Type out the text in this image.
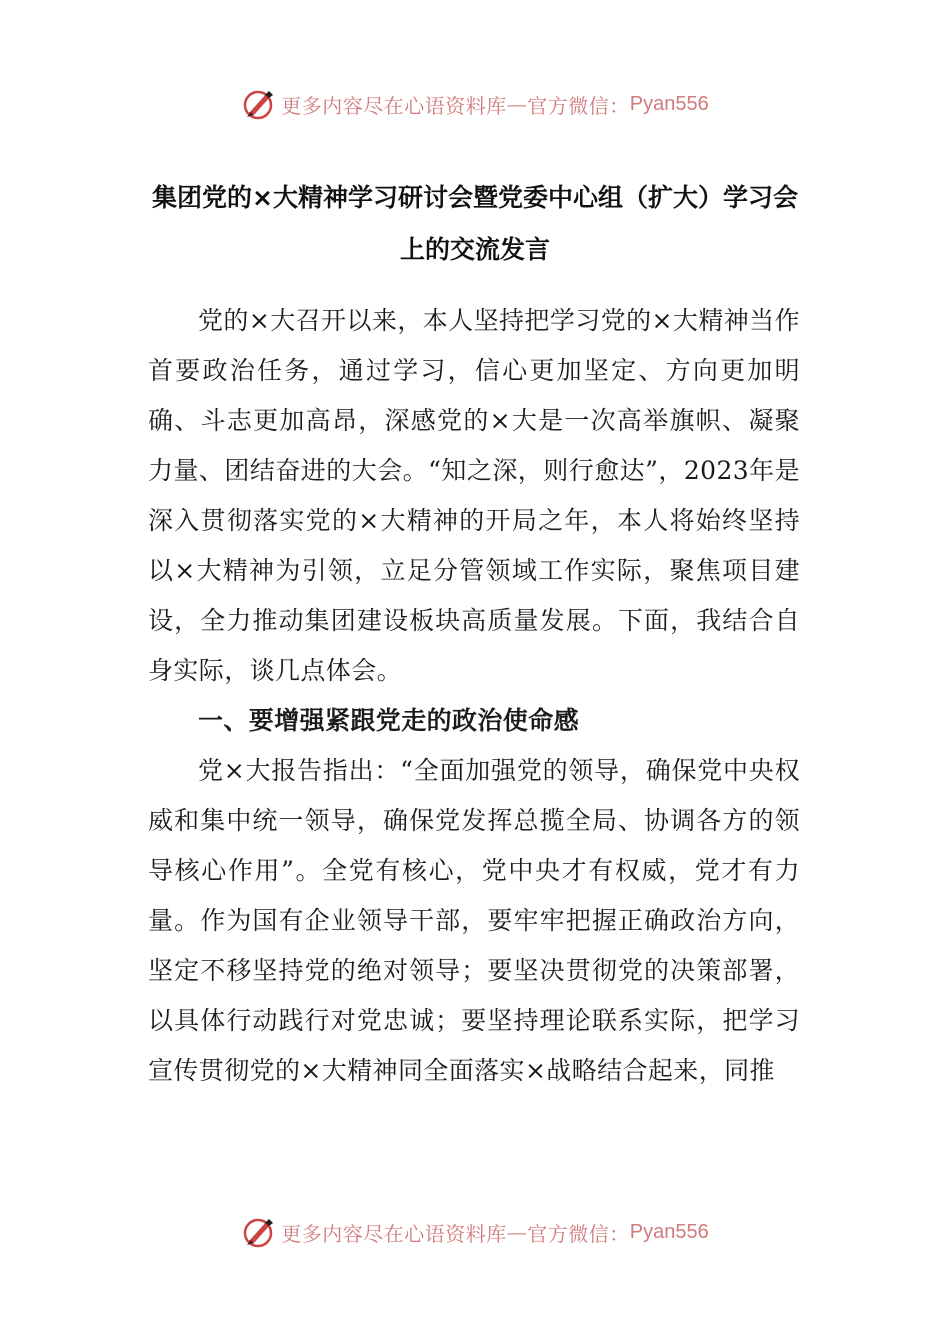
更多内容尽在心语资料库 — 官方微信： Pyan556
集团党的×大精神学习研讨会暨党委中心组（扩大）学习会上的交流发言

党的×大召开以来，本人坚持把学习党的×大精神当作首要政治任务，通过学习，信心更加坚定、方向更加明确、斗志更加高昂，深感党的×大是一次高举旗帜、凝聚力量、团结奋进的大会。“知之深，则行愈达”，2023年是深入贯彻落实党的×大精神的开局之年，本人将始终坚持以×大精神为引领，立足分管领域工作实际，聚焦项目建设，全力推动集团建设板块高质量发展。下面，我结合自身实际，谈几点体会。

一、要增强紧跟党走的政治使命感

党×大报告指出：“全面加强党的领导，确保党中央权威和集中统一领导，确保党发挥总揽全局、协调各方的领导核心作用”。全党有核心，党中央才有权威，党才有力量。作为国有企业领导干部，要牢牢把握正确政治方向，坚定不移坚持党的绝对领导；要坚决贯彻党的决策部署，以具体行动践行对党忠诚；要坚持理论联系实际，把学习宣传贯彻党的×大精神同全面落实×战略结合起来，同推

更多内容尽在心语资料库 — 官方微信： Pyan556
